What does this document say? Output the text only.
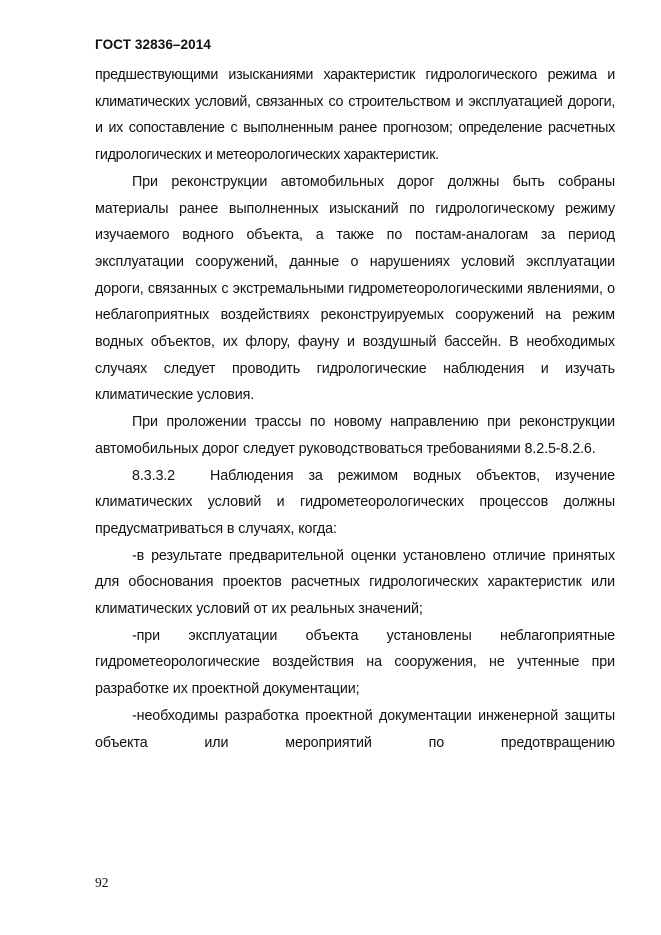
ГОСТ 32836–2014

предшествующими изысканиями характеристик гидрологического режима и климатических условий, связанных со строительством и эксплуатацией дороги, и их сопоставление с выполненным ранее прогнозом; определение расчетных гидрологических и метеорологических характеристик.

При реконструкции автомобильных дорог должны быть собраны материалы ранее выполненных изысканий по гидрологическому режиму изучаемого водного объекта, а также по постам-аналогам за период эксплуатации сооружений, данные о нарушениях условий эксплуатации дороги, связанных с экстремальными гидрометеорологическими явлениями, о неблагоприятных воздействиях реконструируемых сооружений на режим водных объектов, их флору, фауну и воздушный бассейн. В необходимых случаях следует проводить гидрологические наблюдения и изучать климатические условия.

При проложении трассы по новому направлению при реконструкции автомобильных дорог следует руководствоваться требованиями 8.2.5-8.2.6.

8.3.3.2 Наблюдения за режимом водных объектов, изучение климатических условий и гидрометеорологических процессов должны предусматриваться в случаях, когда:

-в результате предварительной оценки установлено отличие принятых для обоснования проектов расчетных гидрологических характеристик или климатических условий от их реальных значений;

-при эксплуатации объекта установлены неблагоприятные гидрометеорологические воздействия на сооружения, не учтенные при разработке их проектной документации;

-необходимы разработка проектной документации инженерной защиты объекта или мероприятий по предотвращению

92
